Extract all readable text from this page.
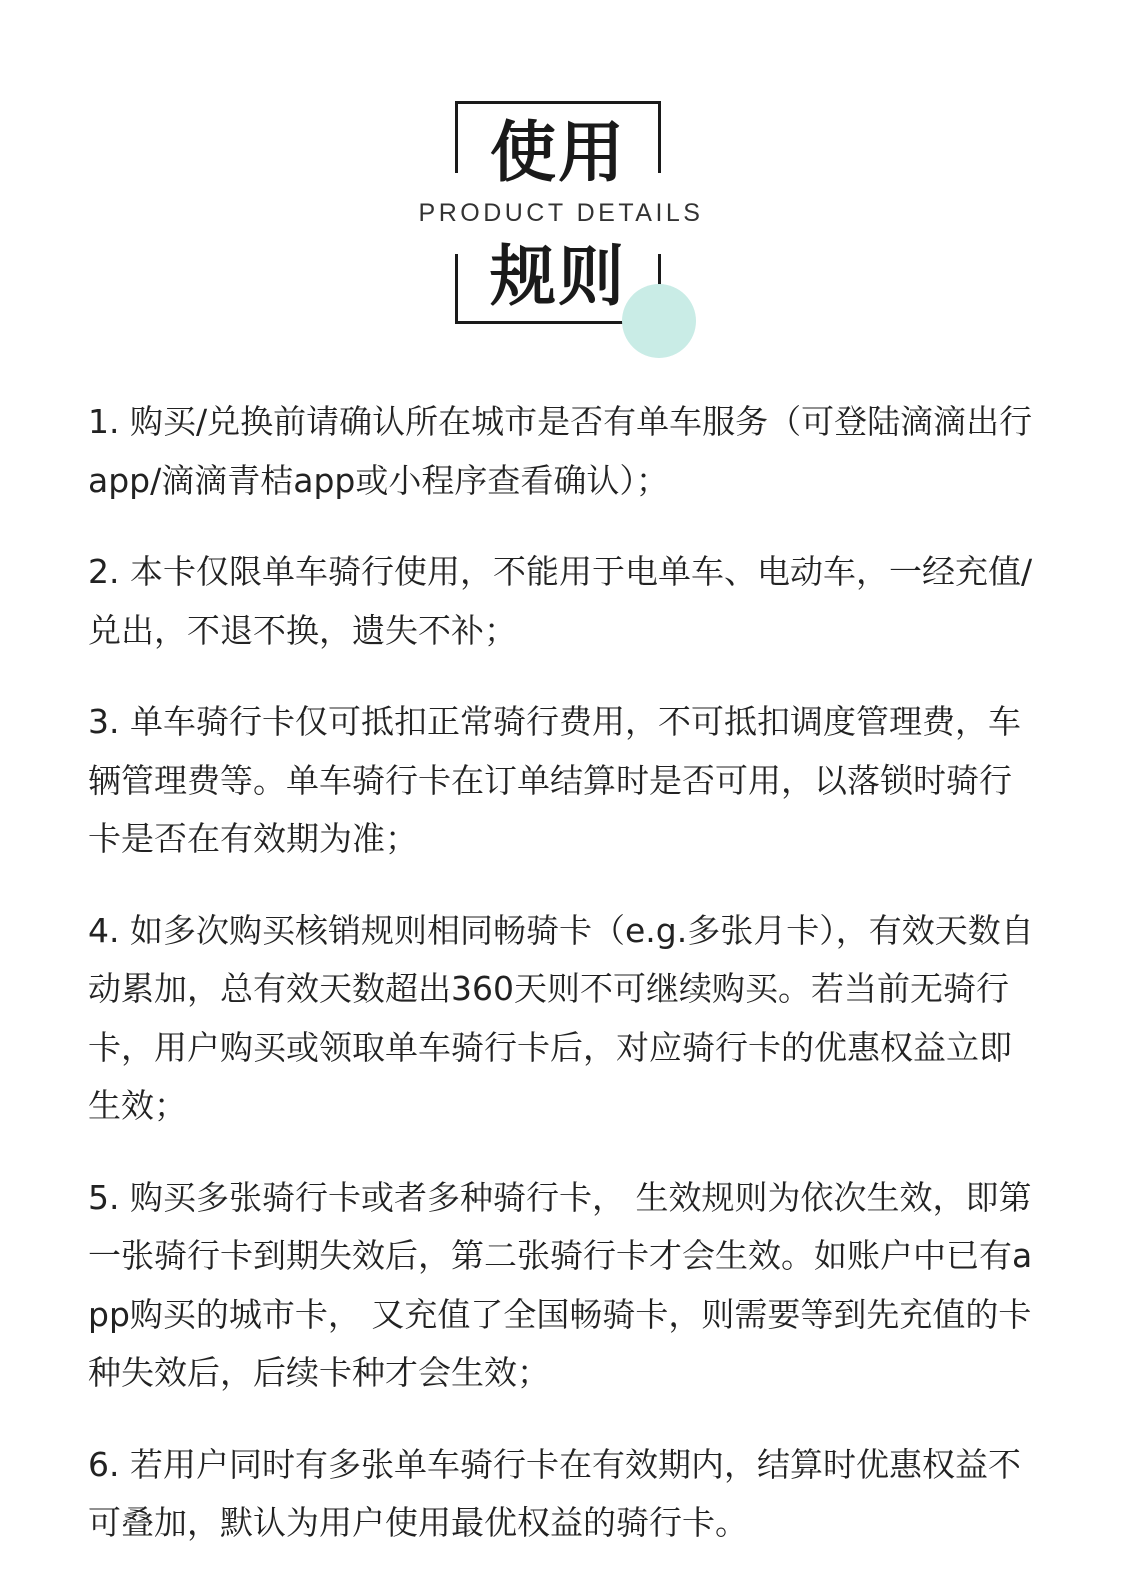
使用
PRODUCT DETAILS
规则

1. 购买/兑换前请确认所在城市是否有单车服务（可登陆滴滴出行app/滴滴青桔app或小程序查看确认）；

2. 本卡仅限单车骑行使用，不能用于电单车、电动车，一经充值/兑出，不退不换，遗失不补；

3. 单车骑行卡仅可抵扣正常骑行费用，不可抵扣调度管理费，车辆管理费等。单车骑行卡在订单结算时是否可用，以落锁时骑行卡是否在有效期为准；

4. 如多次购买核销规则相同畅骑卡（e.g.多张月卡），有效天数自动累加，总有效天数超出360天则不可继续购买。若当前无骑行卡，用户购买或领取单车骑行卡后，对应骑行卡的优惠权益立即生效；

5. 购买多张骑行卡或者多种骑行卡， 生效规则为依次生效，即第一张骑行卡到期失效后，第二张骑行卡才会生效。如账户中已有app购买的城市卡， 又充值了全国畅骑卡，则需要等到先充值的卡种失效后，后续卡种才会生效；

6. 若用户同时有多张单车骑行卡在有效期内，结算时优惠权益不可叠加，默认为用户使用最优权益的骑行卡。
